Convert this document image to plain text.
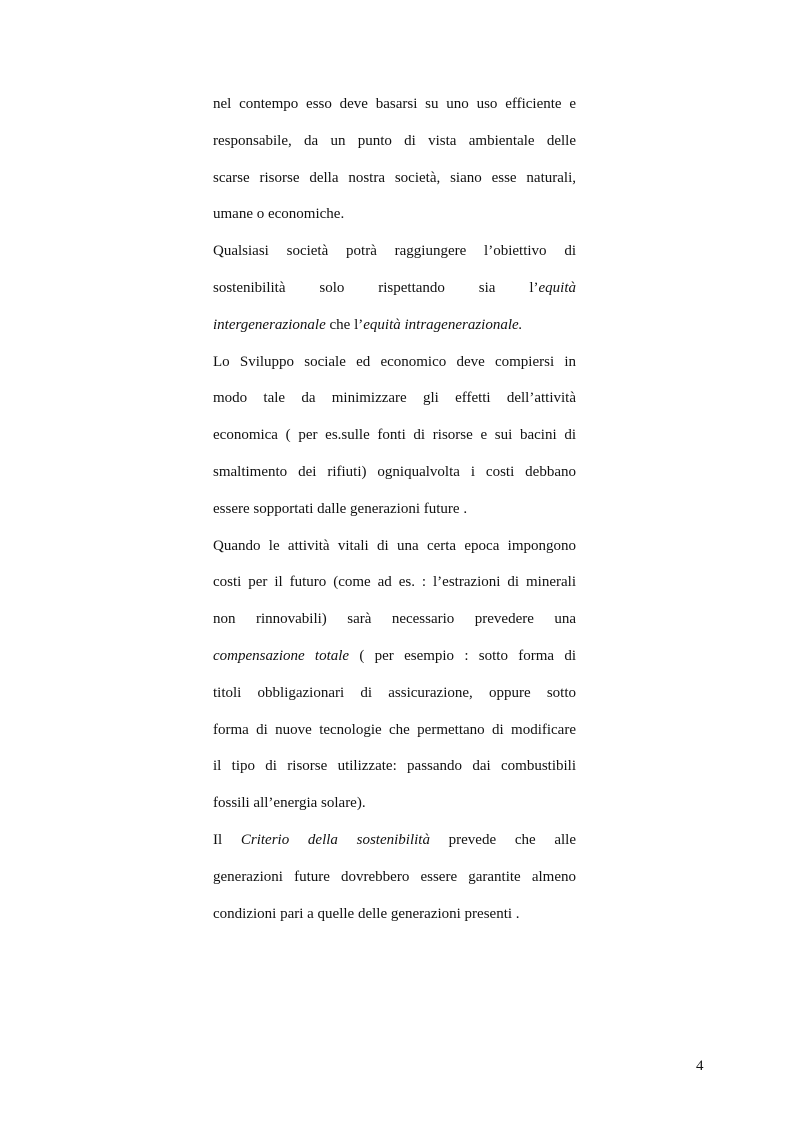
nel contempo esso deve basarsi su uno uso efficiente e
responsabile, da un punto di vista ambientale delle
scarse risorse della nostra società, siano esse naturali,
umane o economiche.

Qualsiasi società potrà raggiungere l’obiettivo di
sostenibilità solo rispettando sia l’equità
intergenerazionale che l’equità intragenerazionale.

Lo Sviluppo sociale ed economico deve compiersi in
modo tale da minimizzare gli effetti dell’attività
economica ( per es.sulle fonti di risorse e sui bacini di
smaltimento dei rifiuti) ogniqualvolta i costi debbano
essere sopportati dalle generazioni future .

Quando le attività vitali di una certa epoca impongono
costi per il futuro (come ad es. : l’estrazioni di minerali
non rinnovabili) sarà necessario prevedere una
compensazione totale ( per esempio : sotto forma di
titoli obbligazionari di assicurazione, oppure sotto
forma di nuove tecnologie che permettano di modificare
il tipo di risorse utilizzate: passando dai combustibili
fossili all’energia solare).

Il Criterio della sostenibilità prevede che alle
generazioni future dovrebbero essere garantite almeno
condizioni pari a quelle delle generazioni presenti .

4
